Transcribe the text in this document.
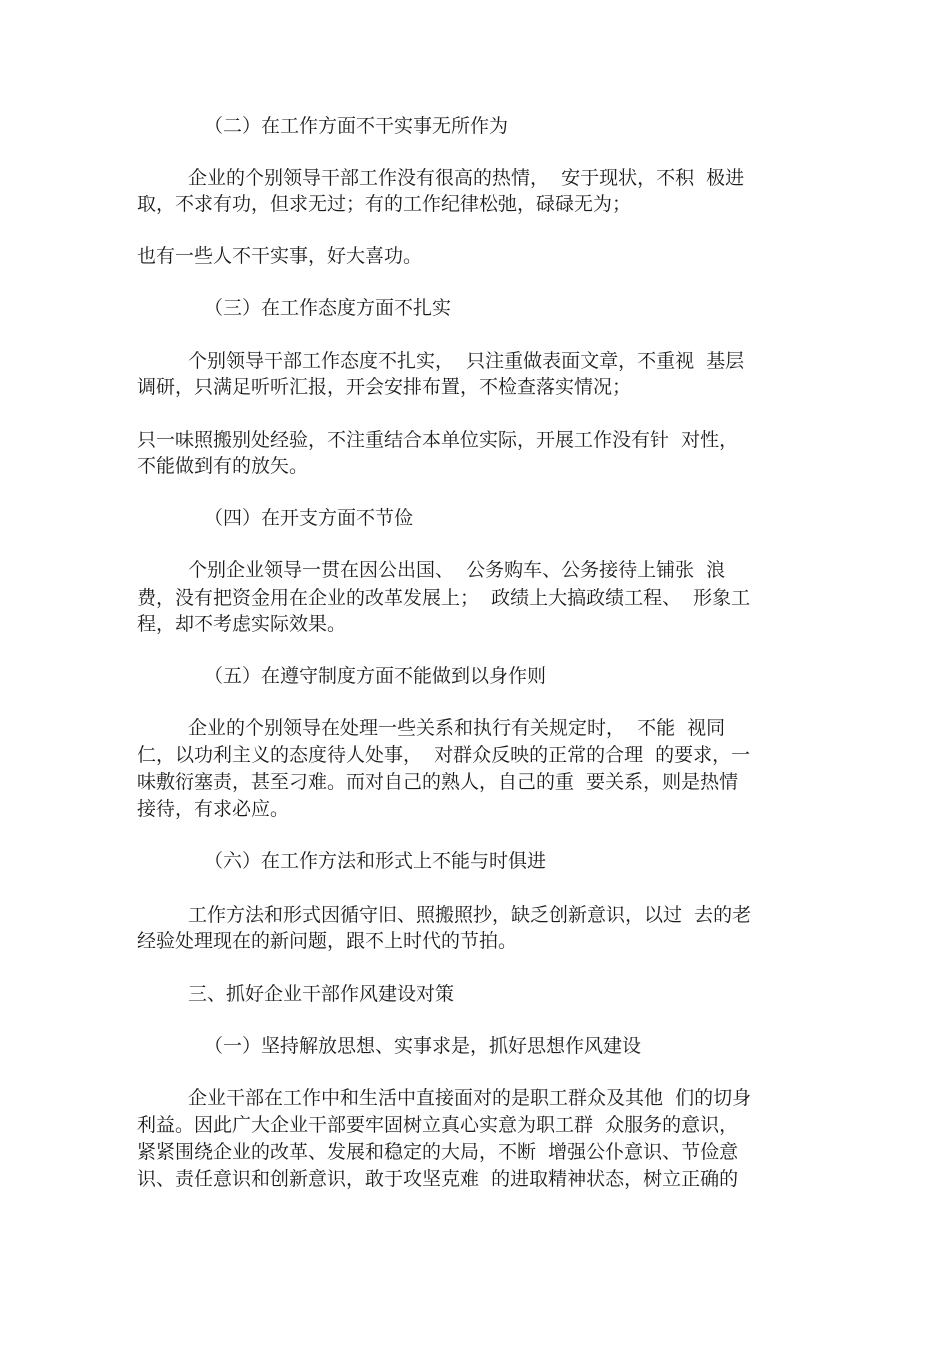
（二）在工作方面不干实事无所作为

企业的个别领导干部工作没有很高的热情，  安于现状，不积  极进

取，不求有功，但求无过；有的工作纪律松弛，碌碌无为；

也有一些人不干实事，好大喜功。

（三）在工作态度方面不扎实

个别领导干部工作态度不扎实，  只注重做表面文章，不重视  基层

调研，只满足听听汇报，开会安排布置，不检查落实情况；

只一味照搬别处经验，不注重结合本单位实际，开展工作没有针  对性，

不能做到有的放矢。

（四）在开支方面不节俭

个别企业领导一贯在因公出国、  公务购车、公务接待上铺张  浪

费，没有把资金用在企业的改革发展上；  政绩上大搞政绩工程、  形象工

程，却不考虑实际效果。

（五）在遵守制度方面不能做到以身作则

企业的个别领导在处理一些关系和执行有关规定时，  不能  视同

仁，以功利主义的态度待人处事，  对群众反映的正常的合理  的要求，一

味敷衍塞责，甚至刁难。而对自己的熟人，自己的重  要关系，则是热情

接待，有求必应。

（六）在工作方法和形式上不能与时俱进

工作方法和形式因循守旧、照搬照抄，缺乏创新意识，以过  去的老

经验处理现在的新问题，跟不上时代的节拍。

三、抓好企业干部作风建设对策

（一）坚持解放思想、实事求是，抓好思想作风建设

企业干部在工作中和生活中直接面对的是职工群众及其他  们的切身

利益。因此广大企业干部要牢固树立真心实意为职工群  众服务的意识，

紧紧围绕企业的改革、发展和稳定的大局，不断  增强公仆意识、节俭意

识、责任意识和创新意识，敢于攻坚克难  的进取精神状态，树立正确的
